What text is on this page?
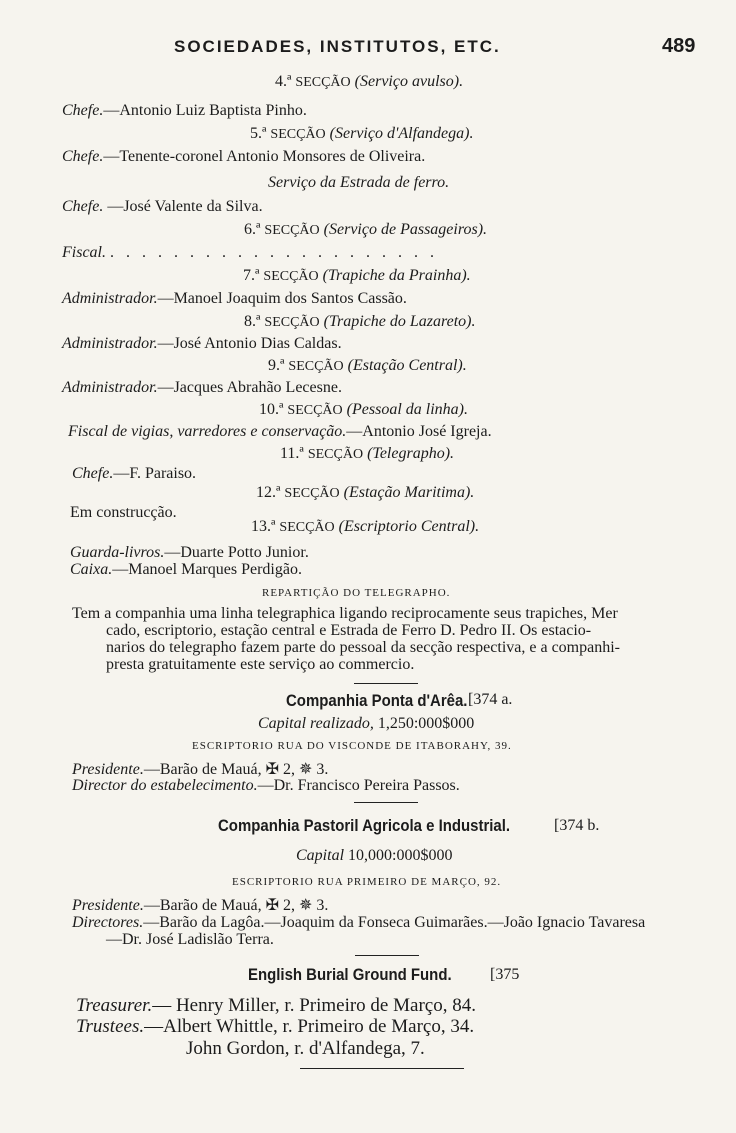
SOCIEDADES, INSTITUTOS, ETC.	489
4.ª SECÇÃO (Serviço avulso).
Chefe.—Antonio Luiz Baptista Pinho.
5.ª SECÇÃO (Serviço d'Alfandega).
Chefe.—Tenente-coronel Antonio Monsores de Oliveira.
Serviço da Estrada de ferro.
Chefe. —José Valente da Silva.
6.ª SECÇÃO (Serviço de Passageiros).
Fiscal. . . . . . . . . . . . . . . . . . . . . .
7.ª SECÇÃO (Trapiche da Prainha).
Administrador.—Manoel Joaquim dos Santos Cassão.
8.ª SECÇÃO (Trapiche do Lazareto).
Administrador.—José Antonio Dias Caldas.
9.ª SECÇÃO (Estação Central).
Administrador.—Jacques Abrahão Lecesne.
10.ª SECÇÃO (Pessoal da linha).
Fiscal de vigias, varredores e conservação.—Antonio José Igreja.
11.ª SECÇÃO (Telegrapho).
Chefe.—F. Paraiso.
12.ª SECÇÃO (Estação Maritima).
Em construcção.
13.ª SECÇÃO (Escriptorio Central).
Guarda-livros.—Duarte Potto Junior.
Caixa.—Manoel Marques Perdigão.
REPARTIÇÃO DO TELEGRAPHO.

Tem a companhia uma linha telegraphica ligando reciprocamente seus trapiches, Mer

cado, escriptorio, estação central e Estrada de Ferro D. Pedro II. Os estacio-

narios do telegrapho fazem parte do pessoal da secção respectiva, e a companhi-

presta gratuitamente este serviço ao commercio.

Companhia Ponta d'Arêa. [374 a.
Capital realizado, 1,250:000$000
ESCRIPTORIO RUA DO VISCONDE DE ITABORAHY, 39.
Presidente.—Barão de Mauá, ✠ 2, ✵ 3.
Director do estabelecimento.—Dr. Francisco Pereira Passos.
Companhia Pastoril Agricola e Industrial.	[374 b.
Capital 10,000:000$000
ESCRIPTORIO RUA PRIMEIRO DE MARÇO, 92.
Presidente.—Barão de Mauá, ✠ 2, ✵ 3.
Directores.—Barão da Lagôa.—Joaquim da Fonseca Guimarães.—João Ignacio Tavaresa
—Dr. José Ladislão Terra.
English Burial Ground Fund.	[375
Treasurer.— Henry Miller, r. Primeiro de Março, 84.
Trustees.—Albert Whittle, r. Primeiro de Março, 34.
John Gordon, r. d'Alfandega, 7.
